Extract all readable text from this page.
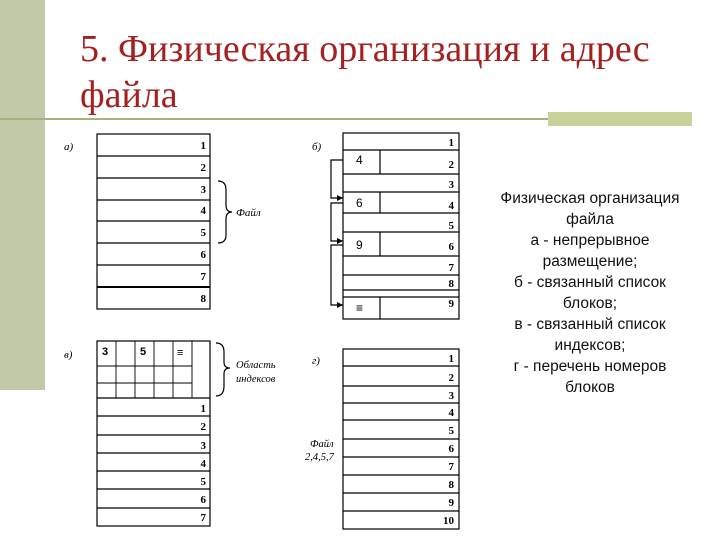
5. Физическая организация и адрес
файла
а)	1
2
3
4
5
6
7
8
Файл
б)	1
2
3
4
5
6
7
8
9
4
6
9
≡
в)	3	5	≡
1
2
3
4
5
6
7
Область
индексов
г)	1
2
3
4
5
6
7
8
9
10
Файл
2,4,5,7
Физическая организация
файла
а - непрерывное
размещение;
б - связанный список
блоков;
в - связанный список
индексов;
г - перечень номеров
блоков
